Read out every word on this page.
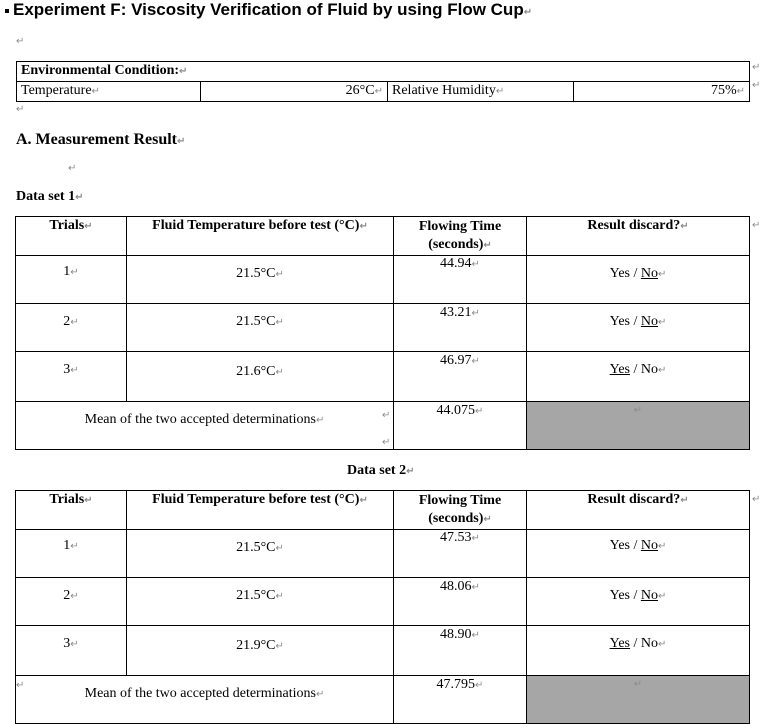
Experiment F: Viscosity Verification of Fluid by using Flow Cup↵
↵
Environmental Condition:↵
Temperature↵	26°C↵	Relative Humidity↵	75%↵
↵
↵
↵
A. Measurement Result↵
↵
Data set 1↵
Trials↵	Fluid Temperature before test (°C)↵	Flowing Time
(seconds)↵	Result discard?↵
1↵	21.5°C↵	44.94↵	Yes / No↵
2↵	21.5°C↵	43.21↵	Yes / No↵
3↵	21.6°C↵	46.97↵	Yes / No↵
Mean of the two accepted determinations↵		44.075↵	↵
↵
↵
↵
Data set 2↵
Trials↵	Fluid Temperature before test (°C)↵	Flowing Time
(seconds)↵	Result discard?↵
1↵	21.5°C↵	47.53↵	Yes / No↵
2↵	21.5°C↵	48.06↵	Yes / No↵
3↵	21.9°C↵	48.90↵	Yes / No↵
Mean of the two accepted determinations↵		47.795↵	↵
↵
↵
